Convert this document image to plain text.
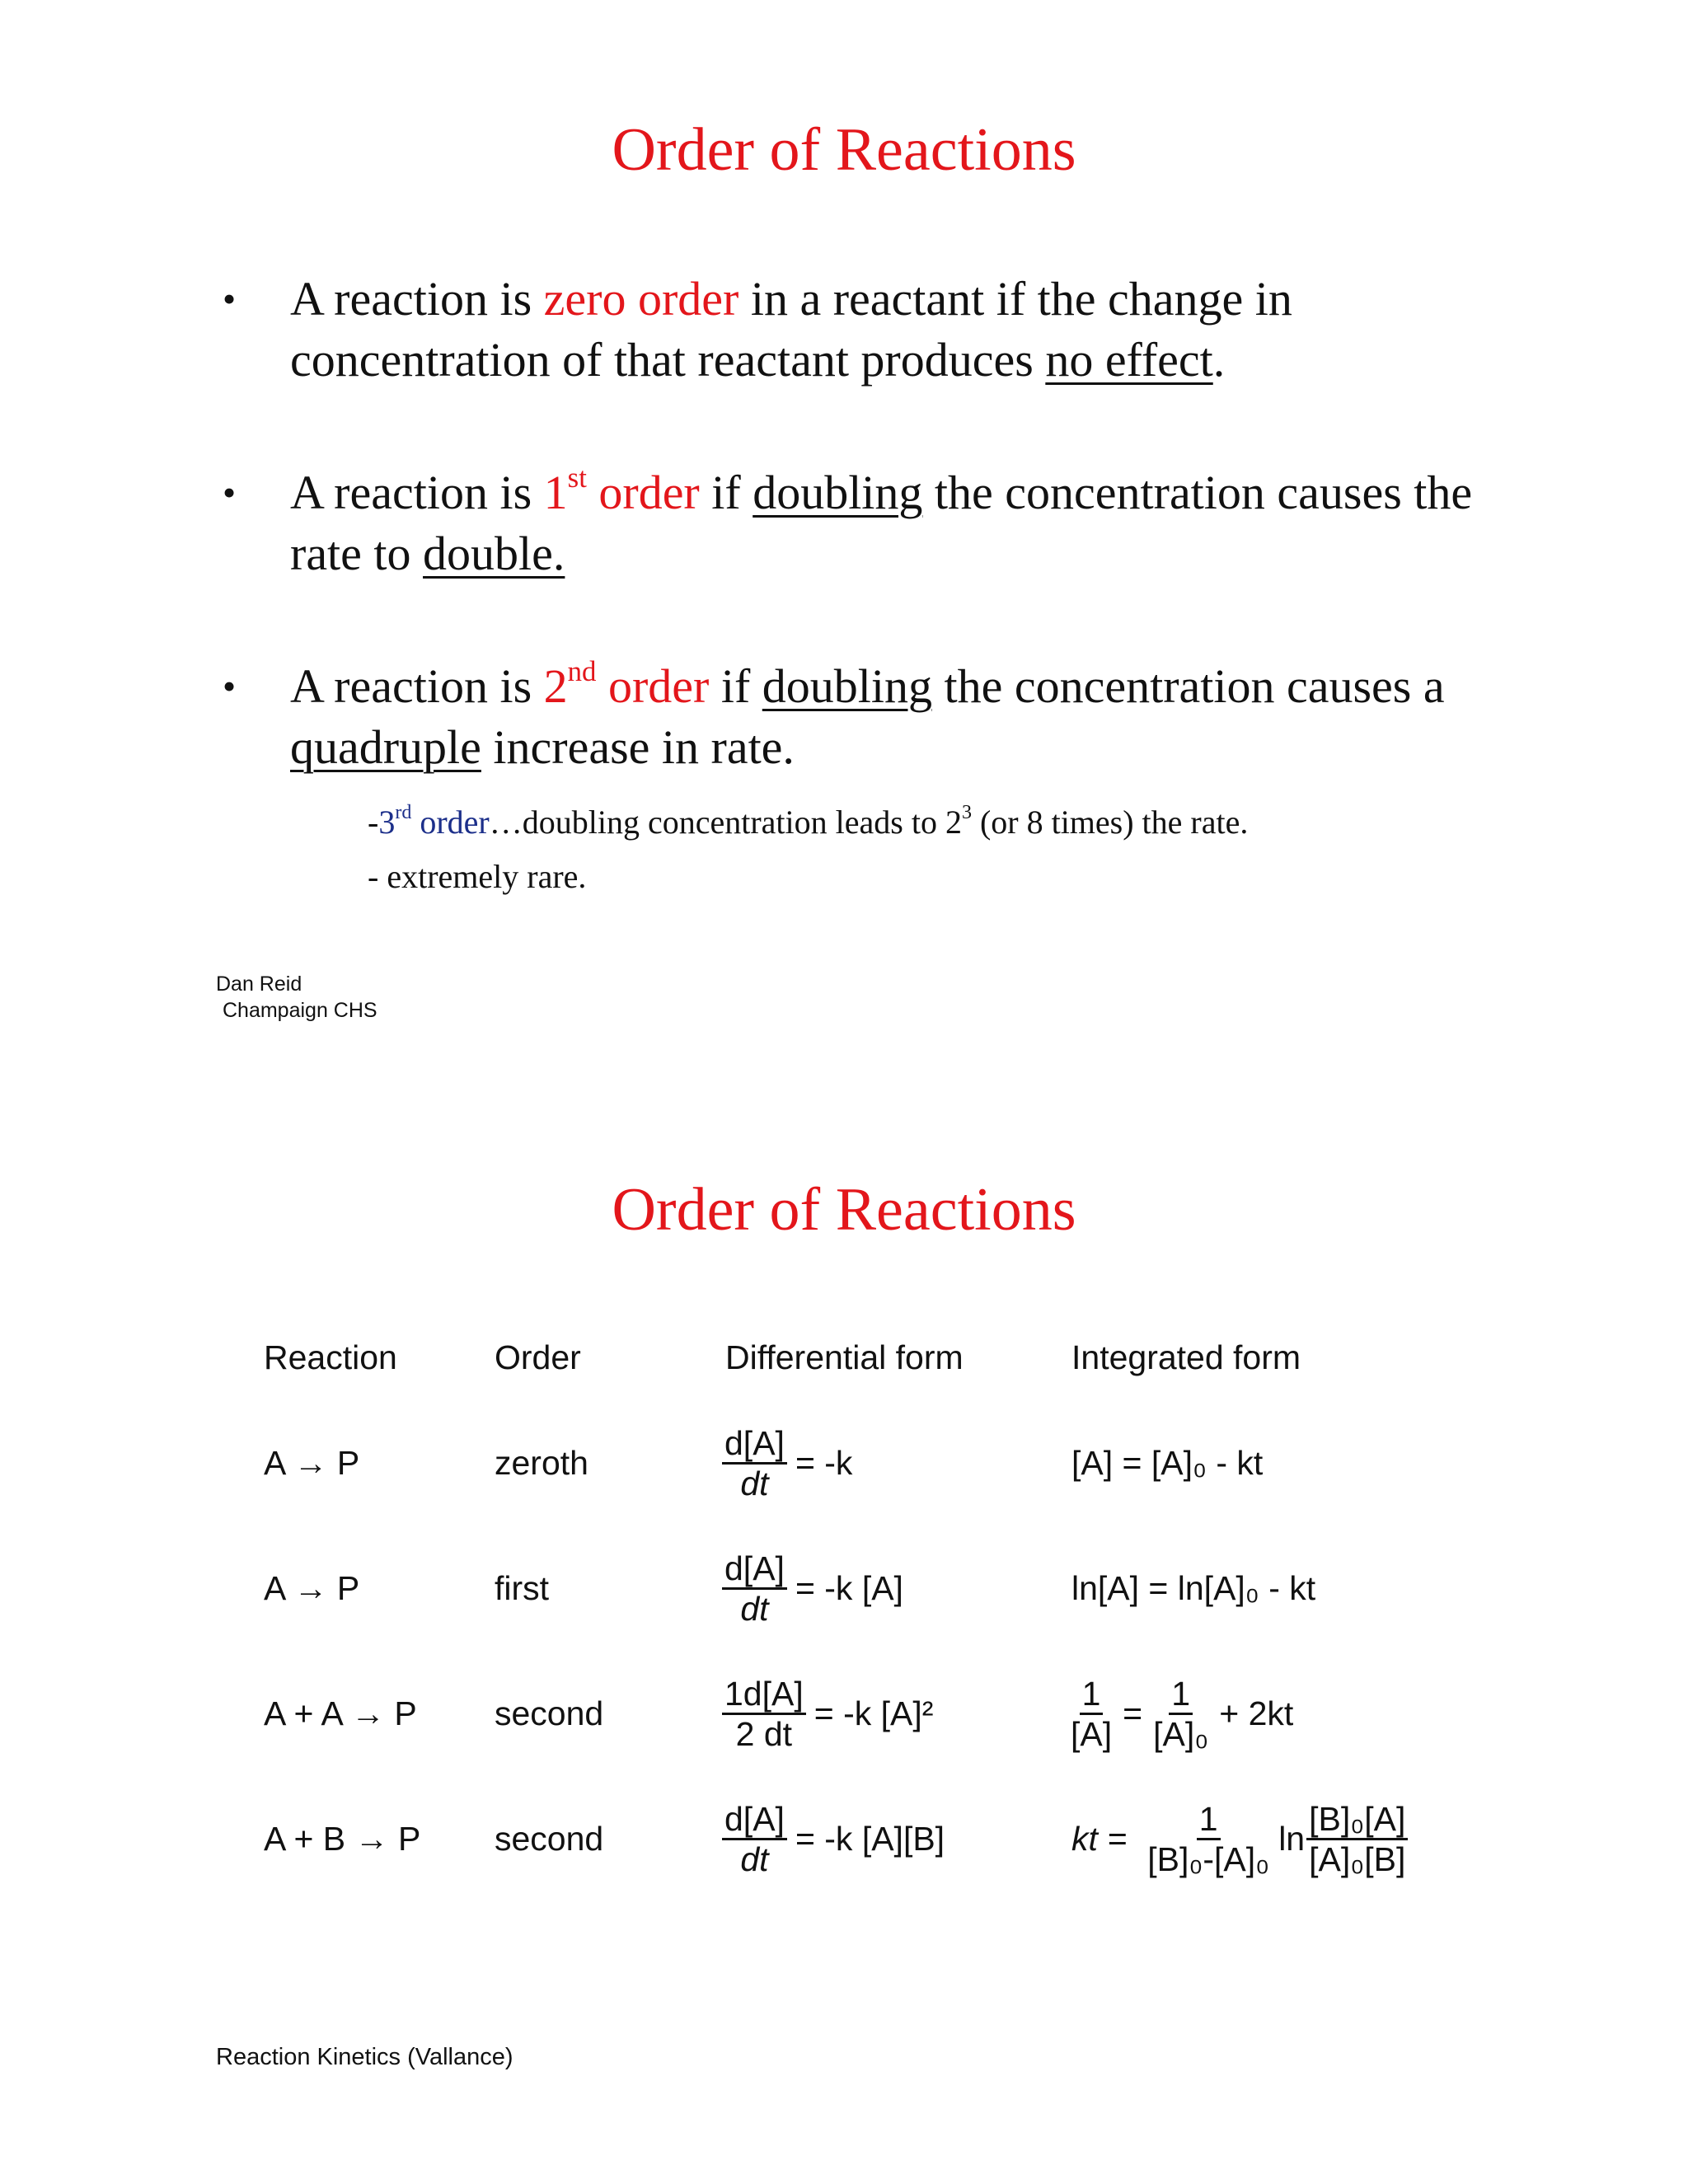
Order of Reactions
• A reaction is zero order in a reactant if the change in concentration of that reactant produces no effect.
• A reaction is 1st order if doubling the concentration causes the rate to double.
• A reaction is 2nd order if doubling the concentration causes a quadruple increase in rate.
-3rd order…doubling concentration leads to $2^3$ (or 8 times) the rate.
- extremely rare.
Dan Reid
Champaign CHS
Order of Reactions
Reaction	Order	Differential form	Integrated form
A → P	zeroth	$\frac{d[A]}{dt} = -k$	[A] = [A]₀ - kt
A → P	first	$\frac{d[A]}{dt} = -k$ [A]	ln[A] = ln[A]₀ - kt
A + A → P second	$\frac{1d[A]}{2 dt} = -k$ [A]²	$\frac{1}{[A]} = \frac{1}{\text{[A]₀}} + 2kt$
A + B → P second	$\frac{d[A]}{dt} = -k$ [A][B]	kt = $\frac{1}{\text{[B]₀-[A]₀}}$ $\ln \frac{\text{[B]₀[A]}}{\text{[A]₀[B]}}$
Reaction Kinetics (Vallance)
